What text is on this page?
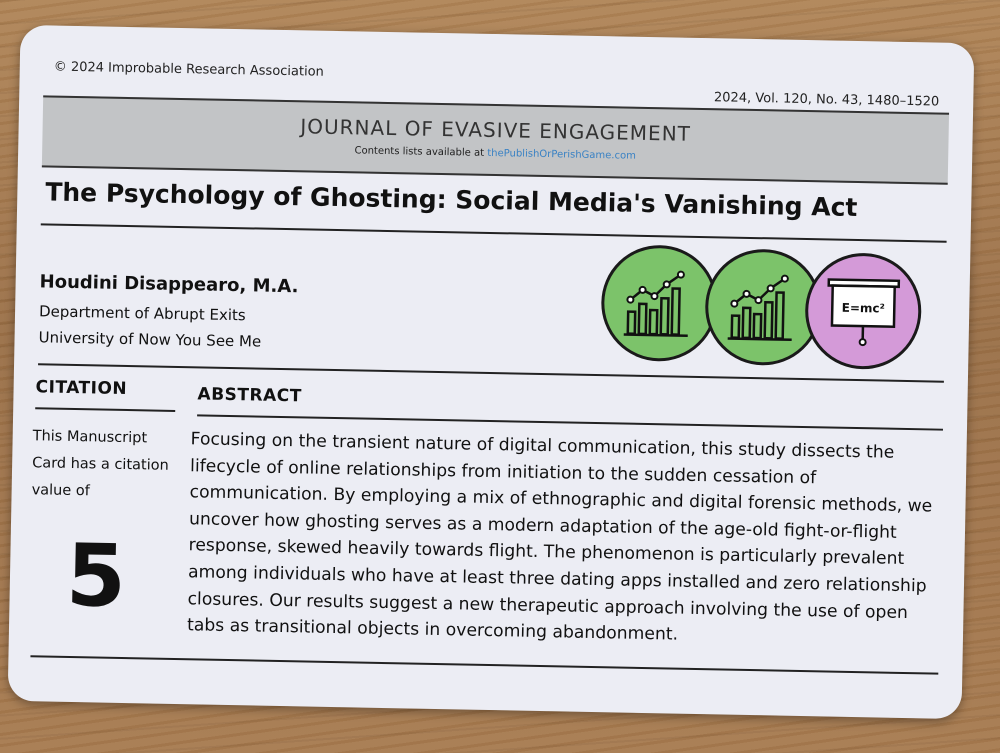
© 2024 Improbable Research Association
2024, Vol. 120, No. 43, 1480–1520
JOURNAL OF EVASIVE ENGAGEMENT
Contents lists available at thePublishOrPerishGame.com
The Psychology of Ghosting: Social Media's Vanishing Act
Houdini Disappearo, M.A.
Department of Abrupt Exits
University of Now You See Me
E=mc²
CITATION	ABSTRACT
This Manuscript Card has a citation value of
5
Focusing on the transient nature of digital communication, this study dissects the lifecycle of online relationships from initiation to the sudden cessation of communication. By employing a mix of ethnographic and digital forensic methods, we uncover how ghosting serves as a modern adaptation of the age-old fight-or-flight response, skewed heavily towards flight. The phenomenon is particularly prevalent among individuals who have at least three dating apps installed and zero relationship closures. Our results suggest a new therapeutic approach involving the use of open tabs as transitional objects in overcoming abandonment.
